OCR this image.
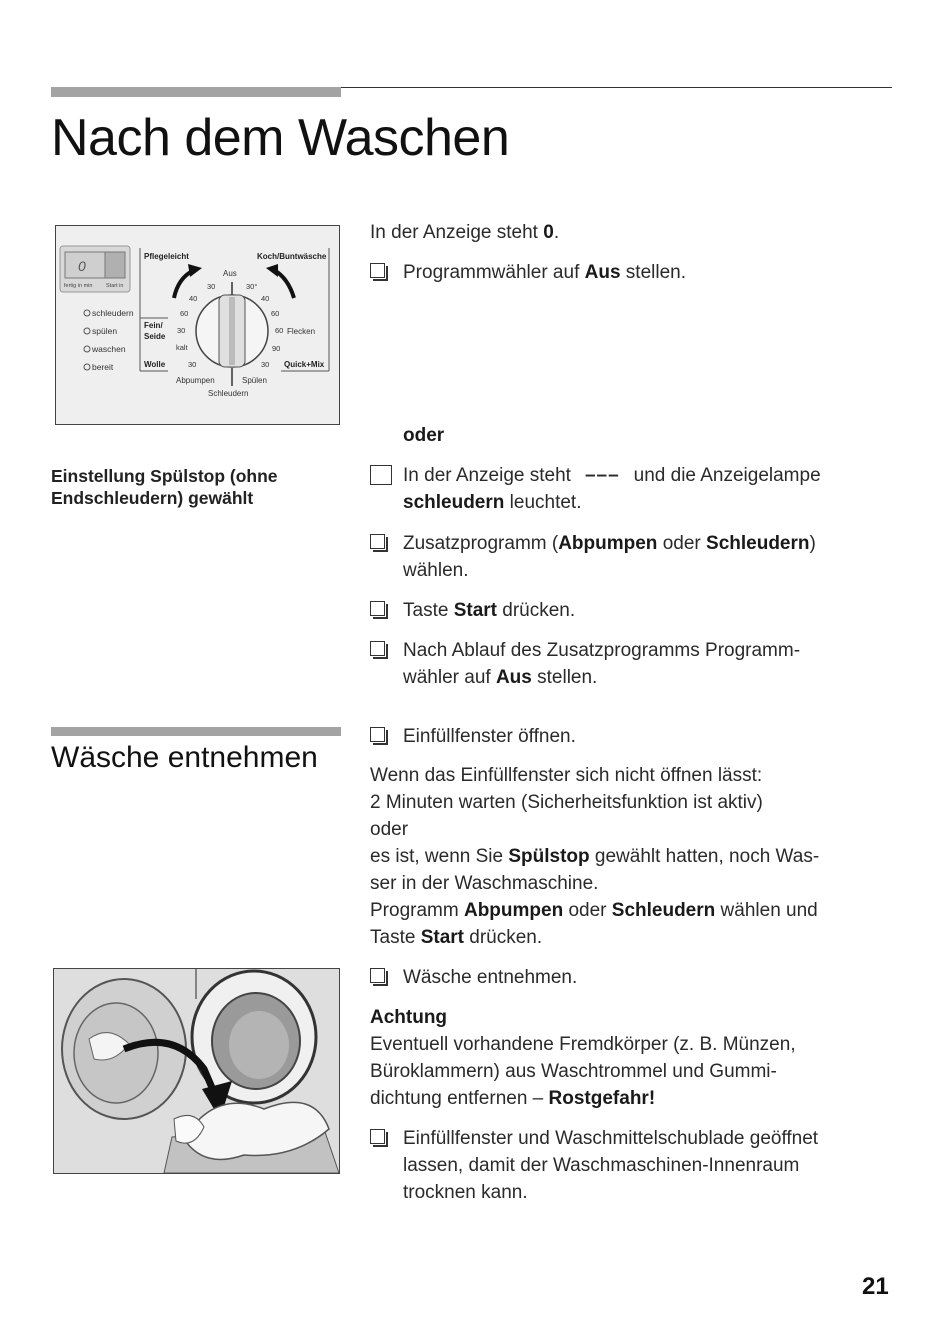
Nach dem Waschen
0
fertig in min Start in
schleudern
spülen
waschen
bereit
Pflegeleicht	Koch/Buntwäsche
Aus
Fein/
Seide
Wolle	Quick+Mix
kalt
Flecken
30
40
60
30
30
30°
40
60
60
90
30
Abpumpen	Spülen
Schleudern
In der Anzeige steht 0.
Programmwähler auf Aus stellen.
oder
Einstellung Spülstop (ohne
Endschleudern) gewählt
In der Anzeige steht ––– und die Anzeigelampe
schleudern leuchtet.
Zusatzprogramm (Abpumpen oder Schleudern)
wählen.
Taste Start drücken.
Nach Ablauf des Zusatzprogramms Programm-
wähler auf Aus stellen.
Wäsche entnehmen
Einfüllfenster öffnen.
Wenn das Einfüllfenster sich nicht öffnen lässt:
2 Minuten warten (Sicherheitsfunktion ist aktiv)
oder
es ist, wenn Sie Spülstop gewählt hatten, noch Was-
ser in der Waschmaschine.
Programm Abpumpen oder Schleudern wählen und
Taste Start drücken.
Wäsche entnehmen.
Achtung
Eventuell vorhandene Fremdkörper (z. B. Münzen,
Büroklammern) aus Waschtrommel und Gummi-
dichtung entfernen – Rostgefahr!
Einfüllfenster und Waschmittelschublade geöffnet
lassen, damit der Waschmaschinen-Innenraum
trocknen kann.
21
